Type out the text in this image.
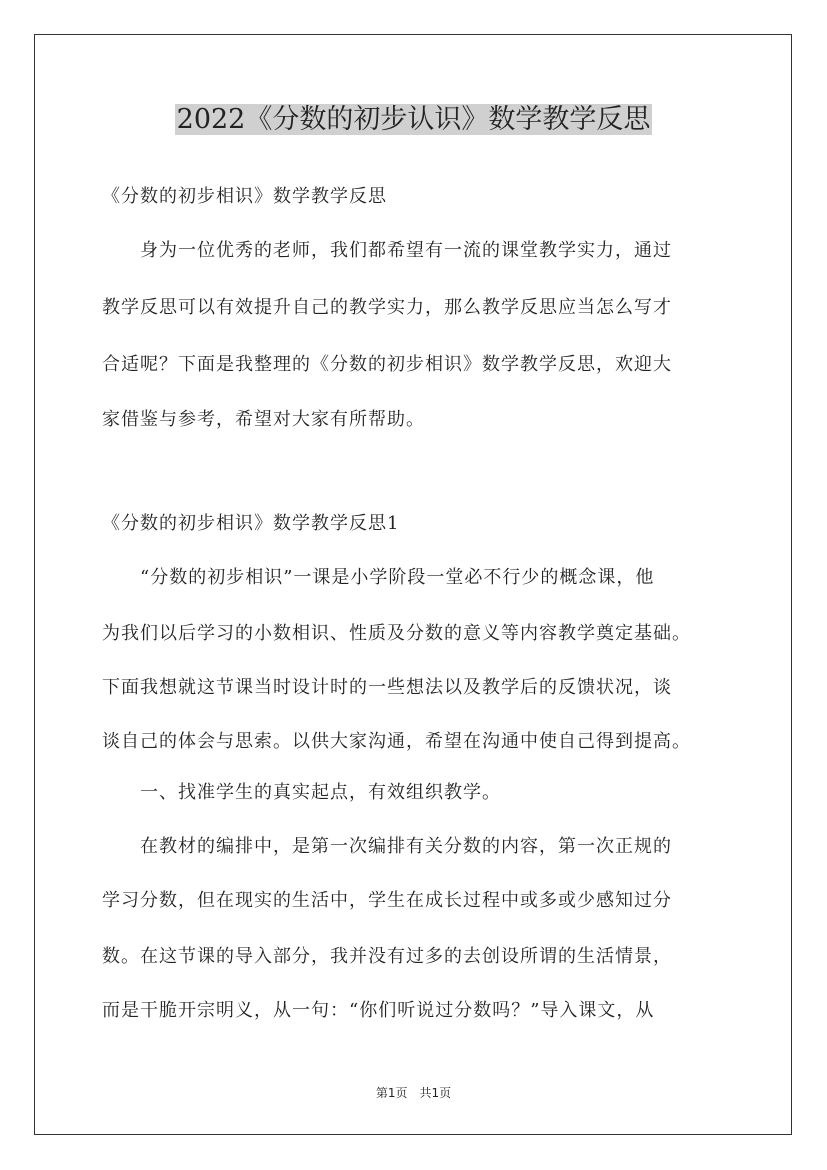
2022《分数的初步认识》数学教学反思
《分数的初步相识》数学教学反思
　　身为一位优秀的老师，我们都希望有一流的课堂教学实力，通过
教学反思可以有效提升自己的教学实力，那么教学反思应当怎么写才
合适呢？下面是我整理的《分数的初步相识》数学教学反思，欢迎大
家借鉴与参考，希望对大家有所帮助。
《分数的初步相识》数学教学反思1
　　“分数的初步相识”一课是小学阶段一堂必不行少的概念课，他
为我们以后学习的小数相识、性质及分数的意义等内容教学奠定基础。
下面我想就这节课当时设计时的一些想法以及教学后的反馈状况，谈
谈自己的体会与思索。以供大家沟通，希望在沟通中使自己得到提高。
　　一、找准学生的真实起点，有效组织教学。
　　在教材的编排中，是第一次编排有关分数的内容，第一次正规的
学习分数，但在现实的生活中，学生在成长过程中或多或少感知过分
数。在这节课的导入部分，我并没有过多的去创设所谓的生活情景，
而是干脆开宗明义，从一句：“你们听说过分数吗？”导入课文，从
第1页　共1页
